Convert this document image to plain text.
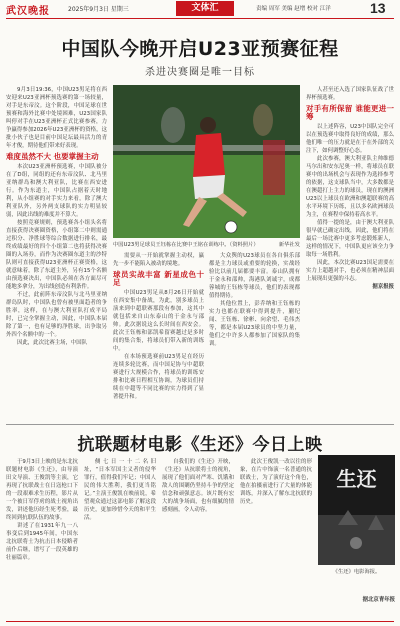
武汉晚报	2025年9月3日 星期三	文体汇	责编 周军 美编 赵增 校对 江洋	13
中国队今晚开启U23亚预赛征程
杀进决赛圈是唯一目标

9月3日19:36，中国U23男足将在西安迎来U23亚洲杯预选赛的第一场较量，对手是东帝汶。这个阶段，中国足球在世预赛和海外比赛中处境困难，U23国家队叫停对手在U23亚洲杯正式比赛参赛，力争赢得参加2026年U23亚洲杯的资格，这批小伙子也是目前中国足坛最具活力的青年才俊，期待他们带来好表现。

难度虽然不大 也要掌握主动

本次U23亚洲杯预选赛，中国队被分在了D组，同组的还有东帝汶队、北马里亚纳群岛和澳大利亚队，比赛在西安进行。作为东道主，中国队占据着天时地利，从小组赛的对手实力来看，除了澳大利亚队外，另外两支球队的实力明显较弱，因此出线的难度并不算大。

按照竞赛规则，预选赛各小组头名将直接获得决赛圈资格，小组第二中则需通过积分、净胜球等综合数据进行排名，最终成绩最好的四个小组第二也将获得决赛圈的入场券，而作为决赛圈东道主的沙特队则可直接获得U23亚洲杯正赛资格，这就意味着，除了东道主外，另有15个名额由预选赛决出，中国队必须在各方面尽可能地多拿分，为出线创造有利条件。

不过，此前阵东帝汶队与北马里亚纳群岛队时，中国队也曾有被里面趋者的争胜率，这样，在与澳大利亚队打成平局时，已完全掌握主动，因此，中国队本届除了第一，也有足够的净胜球，出争取另外四个名额中的一个。

因此，此次比赛主场，中国队

中国U23男足球员王钰栋在比赛中王铭在训练中。（资料照片）	新华社发

需要从一开始就掌握主动权，赢先一步不能陷入被动的境地。

球员实战丰富 新星成色十足

中国U23男足从8月26日开始就在西安集中备战，为此，别多球员上演来到中超联赛那段有参加，这其中就包括来自山东泰山的于金永与邵帅。此次据说这么长时间在西安会。此次王钰栋和部凯希留赛越过是多时间的集合集，将球员们带入新的训练中。

在本场预选赛前U23男足在经历连续多轮比赛，而中国足协与中超联赛进行大规模合作，将球员的训练安排和比赛日程相互协调，为球员们持续在中超等不同比赛的实力得到了显著提升和。

大众舆的U23球员在各自俱乐部都是主力球员或重要的轮换，实战经验比以前几届都要丰富。泰山队拥有于金永和邵帅，海港队刘诚宇，成都蓉城的王钰栋等球员，他们的表现都值得期待。

其他位置上，彭乔纳和王钰栋的实力也都在联赛中得到提升，蒯纪闻、王钰栋、徐彬、向余望、毛伟杰等，都是本届U23球员的中坚力量，他们之中许多人都参加了国家队的集训。

人甚至还入选了国家队征战了世界杯预选赛。

对手有所保留 谁能更进一筹

以上述阵容，U23中国队完全可以在预选赛中取得良好的成绩，那么他们唯一的压力就是在于在外部的关注下，如何调整好心态。

此次参赛，澳大利亚队主帅维德马尔出和安东尼奥一样，将球员在联赛中的出场机会与表现作为选择参考的依据，这支球队当中，大多数都是在澳超打上主力的球员，现在的澳洲U23以上球员在欧洲和澳超联赛的高水平环境下历练，且以多名欧洲球员为主，在赛程中保持着高水平。

值得一提的是，由于澳大利亚队很早就已确定出线，因此，他们将在最后一场比赛中更多考虑锻炼新人，这样的情况下，中国队更应该全力争取每一场胜利。

因此，本次比赛U23国足需要在实力上超越对手，也必须在精神层面上展现出更强的斗志。

据京报报
抗联题材电影《生还》今日上映

于9月3日上映的是东北抗联题材电影《生还》，由导演田文导演、王俊凯等主演，它再现了抗联战士在日寇枪口下的一段艰难求生历程，影片从一个被日军俘虏的战士视角出发，讲述他历经生死考验，最终回到抗联队伍的故事。

讲述了在1931年九一八事变后到1945年间，中国东北抗联将士为抗击日本侵略者前仆后继，谱写了一段英雄的壮丽篇章。

侧七日一十二名旧址，“日本军国主义者的侵华罪行，值得我们牢记；中国人民的伟大胜利，我们更当铭记。”主演王俊凯在映前说，希望观众通过这部电影了解这段历史，更加珍惜今天的和平生活。

自我们的《生还》开映，《生还》从抗联将士的视角，展现了他们面对严寒、饥饿和敌人的围剿仍坚持斗争的坚定信念和顽强意志。该片既有宏大的战争场面，也有细腻的情感刻画，令人动容。

此次王俊凯一改以往的形象，在片中饰演一名普通的抗联战士，为了演好这个角色，他在拍摄前进行了大量的体能训练，并深入了解东北抗联的历史。

生还
《生还》电影海报。
据北京青年报
